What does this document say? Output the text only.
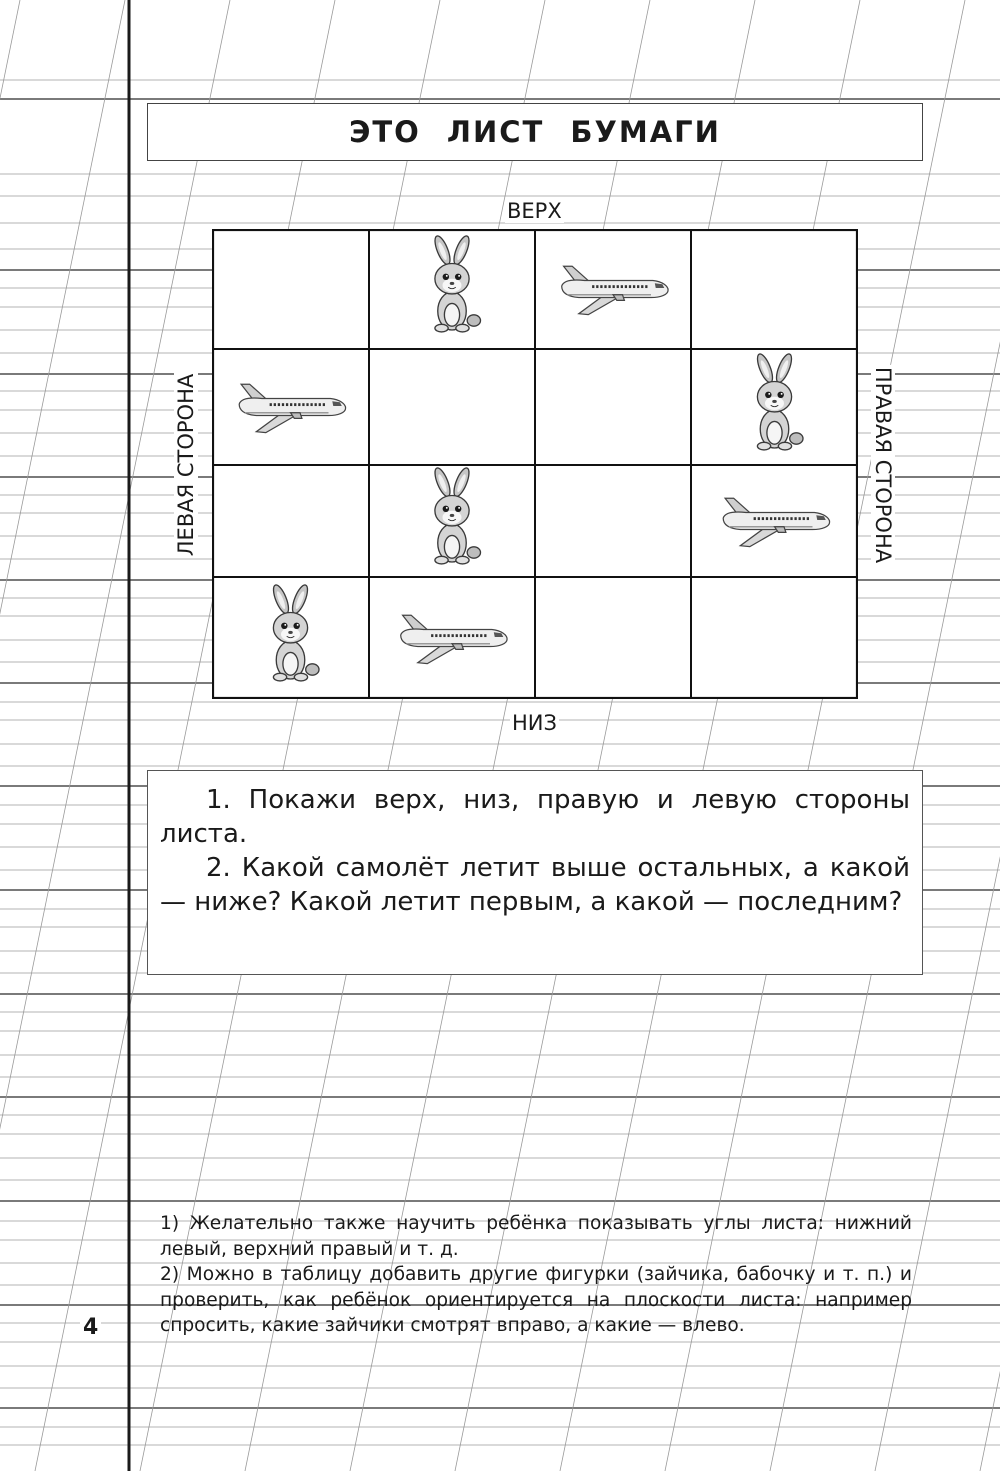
ЭТО ЛИСТ БУМАГИ
ВЕРХ
НИЗ
ЛЕВАЯ СТОРОНА	ПРАВАЯ СТОРОНА
1. Покажи верх, низ, правую и левую стороны листа.
2. Какой самолёт летит выше остальных, а какой — ниже? Какой летит первым, а какой — последним?
1) Желательно также научить ребёнка показывать углы листа: нижний левый, верхний правый и т. д.
2) Можно в таблицу добавить другие фигурки (зайчика, бабочку и т. п.) и проверить, как ребёнок ориентируется на плоскости листа: например спросить, какие зайчики смотрят вправо, а какие — влево.
4
